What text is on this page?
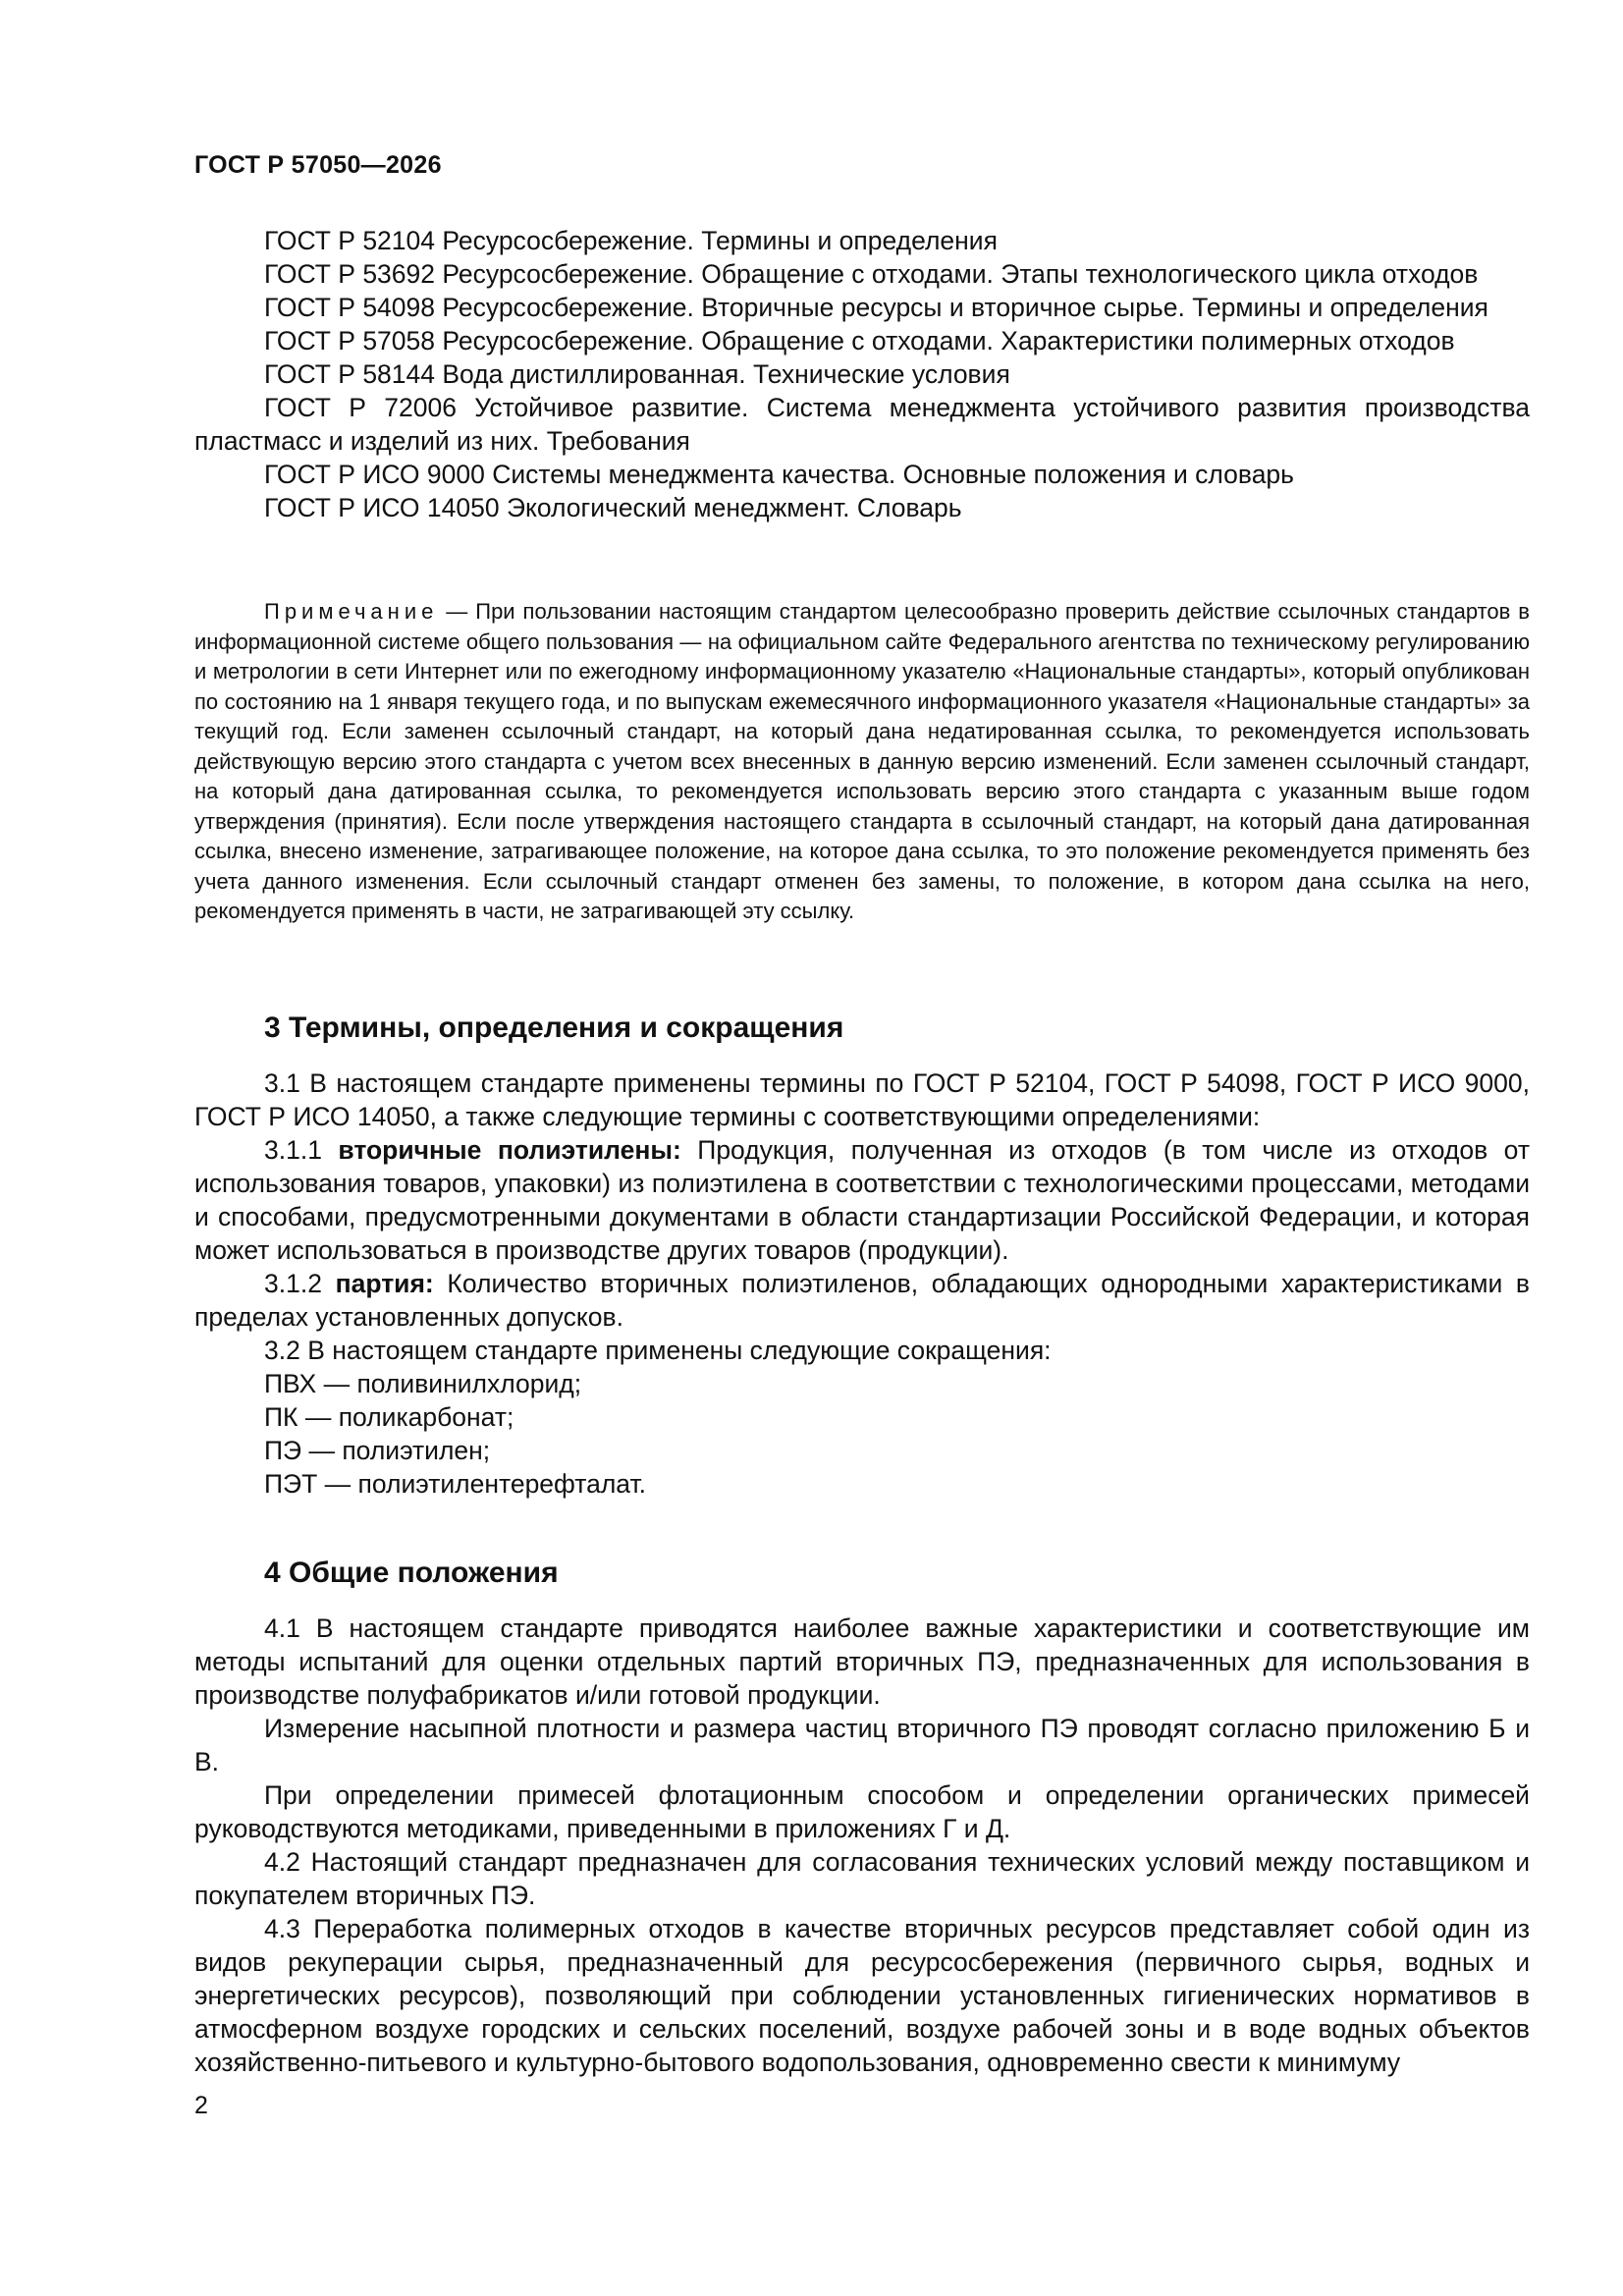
ГОСТ Р 57050—2026

ГОСТ Р 52104 Ресурсосбережение. Термины и определения

ГОСТ Р 53692 Ресурсосбережение. Обращение с отходами. Этапы технологического цикла отходов

ГОСТ Р 54098 Ресурсосбережение. Вторичные ресурсы и вторичное сырье. Термины и определения

ГОСТ Р 57058 Ресурсосбережение. Обращение с отходами. Характеристики полимерных отходов

ГОСТ Р 58144 Вода дистиллированная. Технические условия

ГОСТ Р 72006 Устойчивое развитие. Система менеджмента устойчивого развития производства пластмасс и изделий из них. Требования

ГОСТ Р ИСО 9000 Системы менеджмента качества. Основные положения и словарь

ГОСТ Р ИСО 14050 Экологический менеджмент. Словарь

Примечание — При пользовании настоящим стандартом целесообразно проверить действие ссылочных стандартов в информационной системе общего пользования — на официальном сайте Федерального агентства по техническому регулированию и метрологии в сети Интернет или по ежегодному информационному указателю «Национальные стандарты», который опубликован по состоянию на 1 января текущего года, и по выпускам ежемесячного информационного указателя «Национальные стандарты» за текущий год. Если заменен ссылочный стандарт, на который дана недатированная ссылка, то рекомендуется использовать действующую версию этого стандарта с учетом всех внесенных в данную версию изменений. Если заменен ссылочный стандарт, на который дана датированная ссылка, то рекомендуется использовать версию этого стандарта с указанным выше годом утверждения (принятия). Если после утверждения настоящего стандарта в ссылочный стандарт, на который дана датированная ссылка, внесено изменение, затрагивающее положение, на которое дана ссылка, то это положение рекомендуется применять без учета данного изменения. Если ссылочный стандарт отменен без замены, то положение, в котором дана ссылка на него, рекомендуется применять в части, не затрагивающей эту ссылку.

3 Термины, определения и сокращения

3.1 В настоящем стандарте применены термины по ГОСТ Р 52104, ГОСТ Р 54098, ГОСТ Р ИСО 9000, ГОСТ Р ИСО 14050, а также следующие термины с соответствующими определениями:

3.1.1 вторичные полиэтилены: Продукция, полученная из отходов (в том числе из отходов от использования товаров, упаковки) из полиэтилена в соответствии с технологическими процессами, методами и способами, предусмотренными документами в области стандартизации Российской Федерации, и которая может использоваться в производстве других товаров (продукции).

3.1.2 партия: Количество вторичных полиэтиленов, обладающих однородными характеристиками в пределах установленных допусков.

3.2 В настоящем стандарте применены следующие сокращения:

ПВХ — поливинилхлорид;

ПК — поликарбонат;

ПЭ — полиэтилен;

ПЭТ — полиэтилентерефталат.

4 Общие положения

4.1 В настоящем стандарте приводятся наиболее важные характеристики и соответствующие им методы испытаний для оценки отдельных партий вторичных ПЭ, предназначенных для использования в производстве полуфабрикатов и/или готовой продукции.

Измерение насыпной плотности и размера частиц вторичного ПЭ проводят согласно приложению Б и В.

При определении примесей флотационным способом и определении органических примесей руководствуются методиками, приведенными в приложениях Г и Д.

4.2 Настоящий стандарт предназначен для согласования технических условий между поставщиком и покупателем вторичных ПЭ.

4.3 Переработка полимерных отходов в качестве вторичных ресурсов представляет собой один из видов рекуперации сырья, предназначенный для ресурсосбережения (первичного сырья, водных и энергетических ресурсов), позволяющий при соблюдении установленных гигиенических нормативов в атмосферном воздухе городских и сельских поселений, воздухе рабочей зоны и в воде водных объектов хозяйственно-питьевого и культурно-бытового водопользования, одновременно свести к минимуму

2
